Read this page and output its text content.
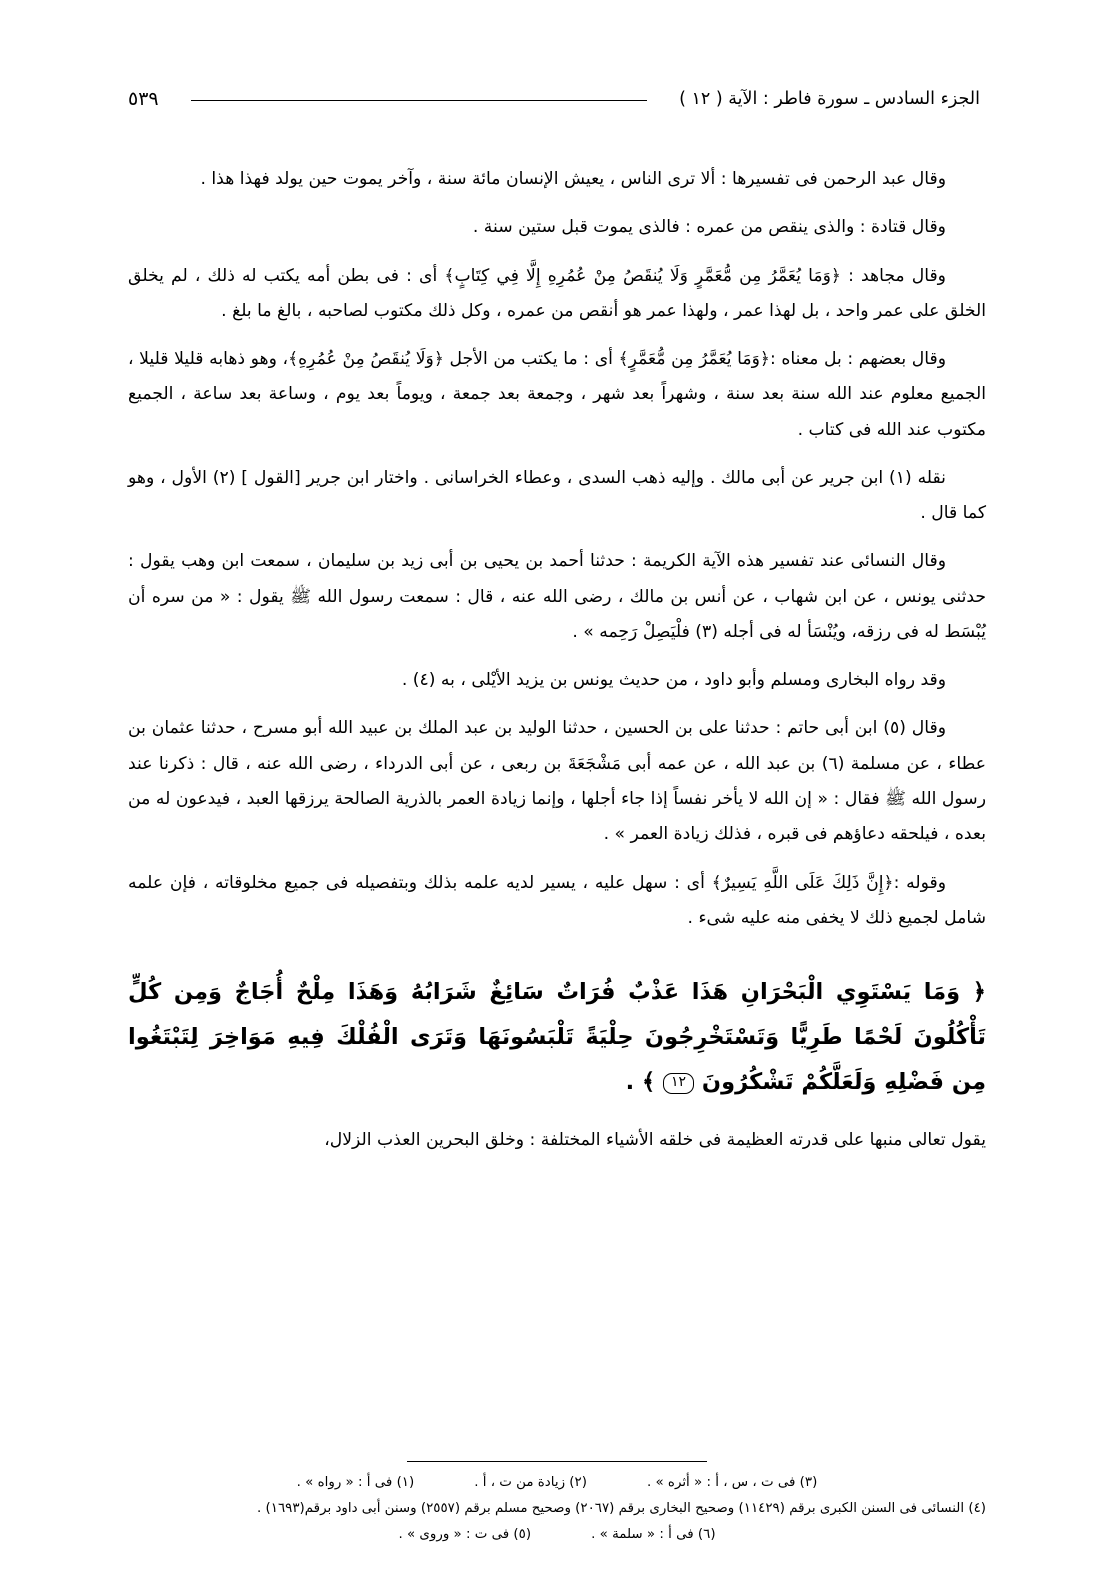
الجزء السادس ـ سورة فاطر : الآية ( ١٢ )
٥٣٩

وقال عبد الرحمن فى تفسيرها : ألا ترى الناس ، يعيش الإنسان مائة سنة ، وآخر يموت حين يولد فهذا هذا .

وقال قتادة : والذى ينقص من عمره : فالذى يموت قبل ستين سنة .

وقال مجاهد : ﴿وَمَا يُعَمَّرُ مِن مُّعَمَّرٍ وَلَا يُنقَصُ مِنْ عُمُرِهِ إِلَّا فِي كِتَابٍ﴾ أى : فى بطن أمه يكتب له ذلك ، لم يخلق الخلق على عمر واحد ، بل لهذا عمر ، ولهذا عمر هو أنقص من عمره ، وكل ذلك مكتوب لصاحبه ، بالغ ما بلغ .

وقال بعضهم : بل معناه :﴿وَمَا يُعَمَّرُ مِن مُّعَمَّرٍ﴾ أى : ما يكتب من الأجل ﴿وَلَا يُنقَصُ مِنْ عُمُرِهِ﴾، وهو ذهابه قليلا قليلا ، الجميع معلوم عند الله سنة بعد سنة ، وشهراً بعد شهر ، وجمعة بعد جمعة ، ويوماً بعد يوم ، وساعة بعد ساعة ، الجميع مكتوب عند الله فى كتاب .

نقله (١) ابن جرير عن أبى مالك . وإليه ذهب السدى ، وعطاء الخراسانى . واختار ابن جرير [القول ] (٢) الأول ، وهو كما قال .

وقال النسائى عند تفسير هذه الآية الكريمة : حدثنا أحمد بن يحيى بن أبى زيد بن سليمان ، سمعت ابن وهب يقول : حدثنى يونس ، عن ابن شهاب ، عن أنس بن مالك ، رضى الله عنه ، قال : سمعت رسول الله ﷺ يقول : « من سره أن يُبْسَط له فى رزقه، ويُنْسَأ له فى أجله (٣) فلْيَصِلْ رَحِمه » .

وقد رواه البخارى ومسلم وأبو داود ، من حديث يونس بن يزيد الأيْلى ، به (٤) .

وقال (٥) ابن أبى حاتم : حدثنا على بن الحسين ، حدثنا الوليد بن عبد الملك بن عبيد الله أبو مسرح ، حدثنا عثمان بن عطاء ، عن مسلمة (٦) بن عبد الله ، عن عمه أبى مَشْجَعَةَ بن ربعى ، عن أبى الدرداء ، رضى الله عنه ، قال : ذكرنا عند رسول الله ﷺ فقال : « إن الله لا يأخر نفساً إذا جاء أجلها ، وإنما زيادة العمر بالذرية الصالحة يرزقها العبد ، فيدعون له من بعده ، فيلحقه دعاؤهم فى قبره ، فذلك زيادة العمر » .

وقوله :﴿إِنَّ ذَلِكَ عَلَى اللَّهِ يَسِيرٌ﴾ أى : سهل عليه ، يسير لديه علمه بذلك وبتفصيله فى جميع مخلوقاته ، فإن علمه شامل لجميع ذلك لا يخفى منه عليه شىء .

﴿ وَمَا يَسْتَوِي الْبَحْرَانِ هَذَا عَذْبٌ فُرَاتٌ سَائِغٌ شَرَابُهُ وَهَذَا مِلْحٌ أُجَاجٌ وَمِن كُلٍّ تَأْكُلُونَ لَحْمًا طَرِيًّا وَتَسْتَخْرِجُونَ حِلْيَةً تَلْبَسُونَهَا وَتَرَى الْفُلْكَ فِيهِ مَوَاخِرَ لِتَبْتَغُوا مِن فَضْلِهِ وَلَعَلَّكُمْ تَشْكُرُونَ ١٢ ﴾ .

يقول تعالى منبها على قدرته العظيمة فى خلقه الأشياء المختلفة : وخلق البحرين العذب الزلال،

(٣) فى ت ، س ، أ : « أثره » .
(٢) زيادة من ت ، أ .
(١) فى أ : « رواه » .
(٤) النسائى فى السنن الكبرى برقم (١١٤٢٩) وصحيح البخارى برقم (٢٠٦٧) وصحيح مسلم برقم (٢٥٥٧) وسنن أبى داود برقم(١٦٩٣) .
(٦) فى أ : « سلمة » .
(٥) فى ت : « وروى » .
